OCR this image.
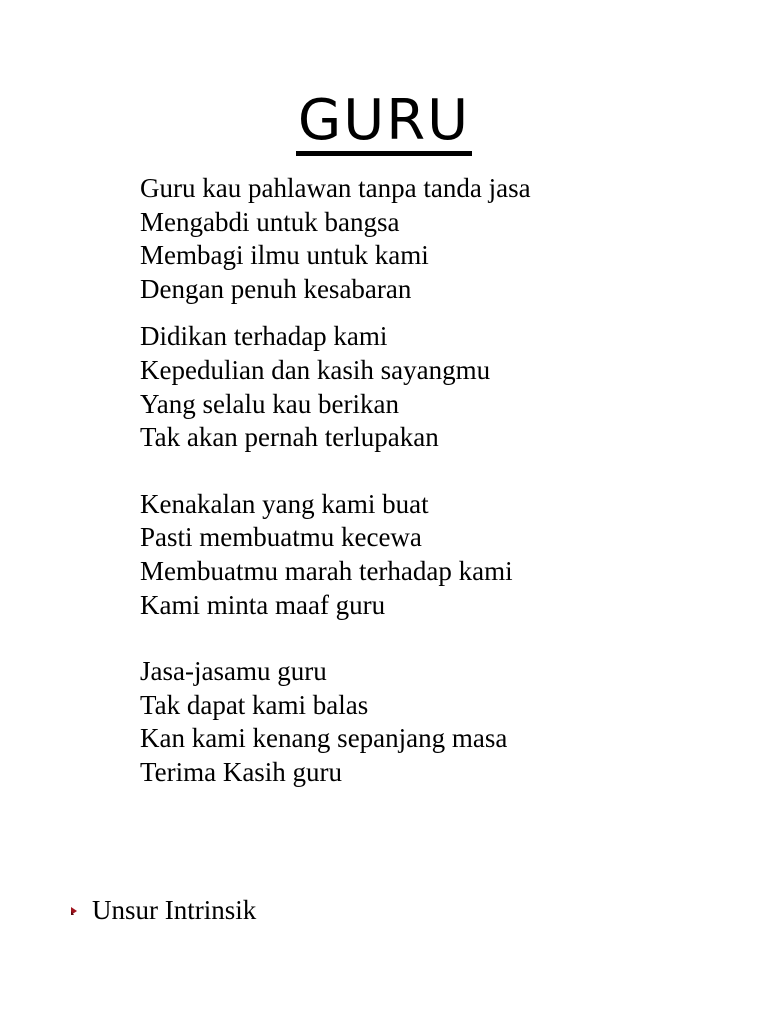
GURU
Guru kau pahlawan tanpa tanda jasa
Mengabdi untuk bangsa
Membagi ilmu untuk kami
Dengan penuh kesabaran
Didikan terhadap kami
Kepedulian dan kasih sayangmu
Yang selalu kau berikan
Tak akan pernah terlupakan
Kenakalan yang kami buat
Pasti membuatmu kecewa
Membuatmu marah terhadap kami
Kami minta maaf guru
Jasa-jasamu guru
Tak dapat kami balas
Kan kami kenang sepanjang masa
Terima Kasih guru
Unsur Intrinsik
